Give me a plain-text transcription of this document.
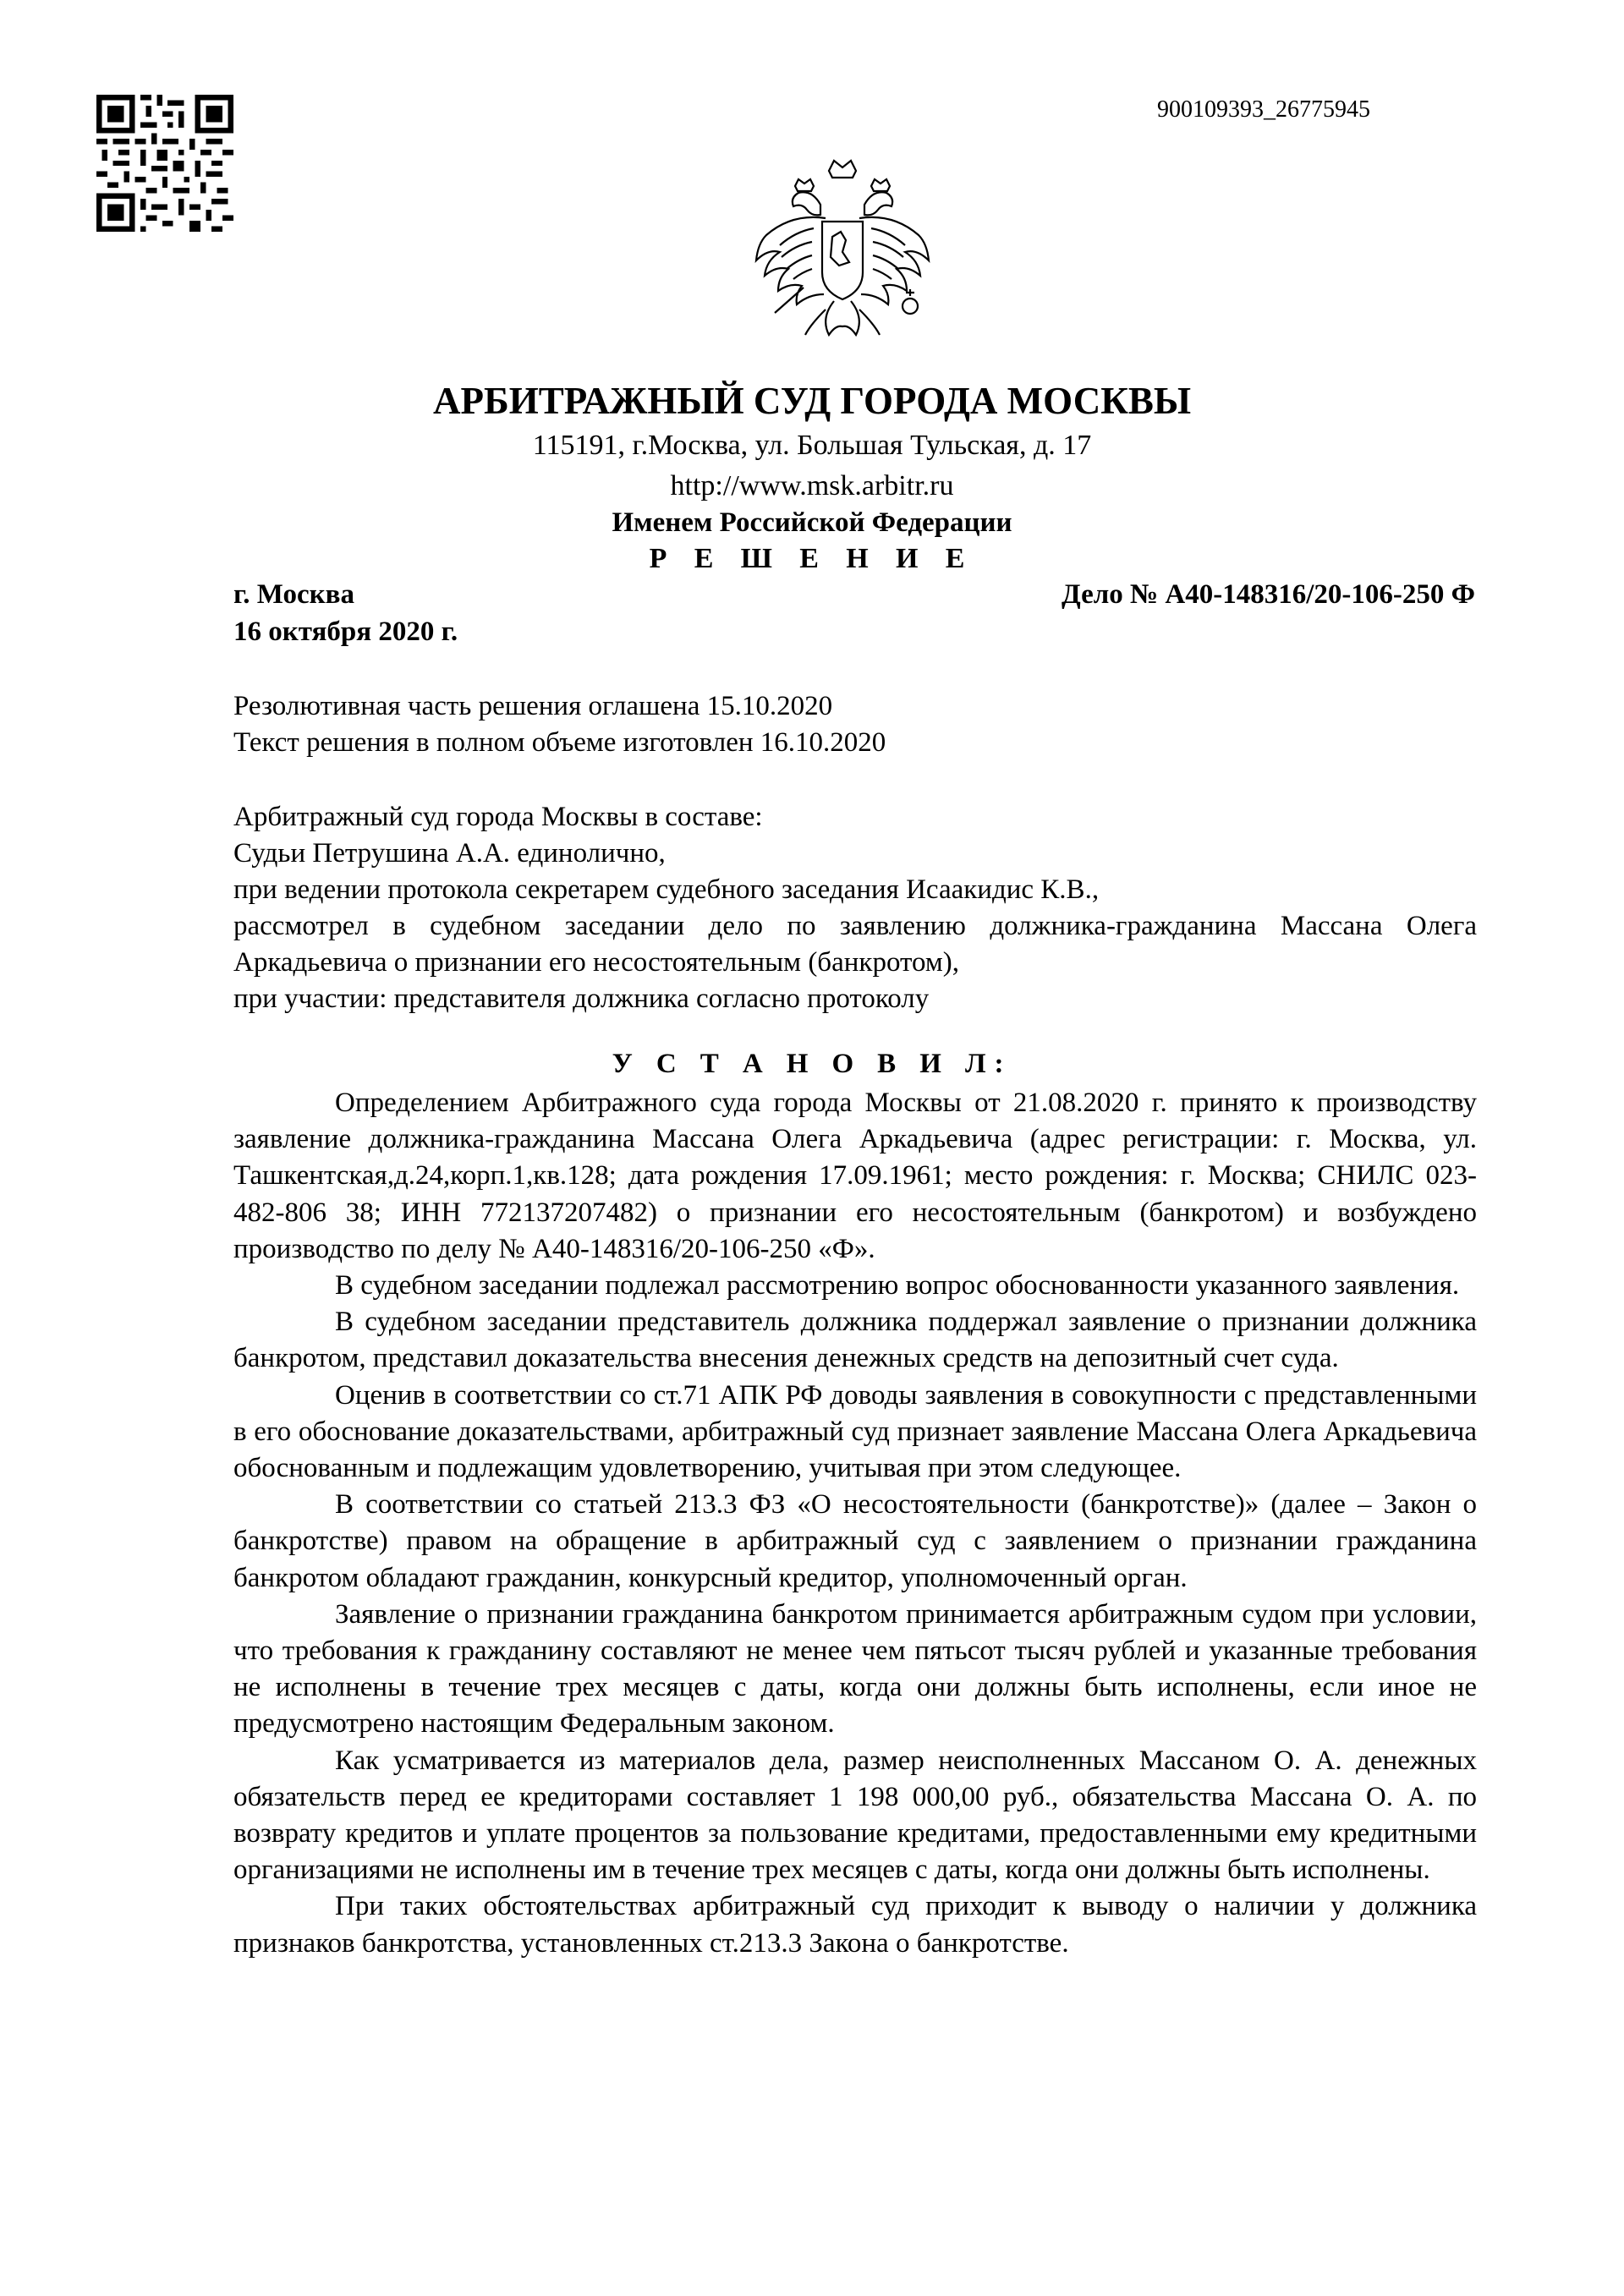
900109393_26775945
АРБИТРАЖНЫЙ СУД ГОРОДА МОСКВЫ
115191, г.Москва, ул. Большая Тульская, д. 17
http://www.msk.arbitr.ru
Именем Российской Федерации
Р Е Ш Е Н И Е
г. Москва
16 октября 2020 г.
Дело № А40-148316/20-106-250 Ф
Резолютивная часть решения оглашена 15.10.2020
Текст решения в полном объеме изготовлен 16.10.2020
Арбитражный суд города Москвы в составе:
Судьи Петрушина А.А. единолично,
при ведении протокола секретарем судебного заседания Исаакидис К.В.,
рассмотрел в судебном заседании дело по заявлению должника-гражданина Массана Олега
Аркадьевича о признании его несостоятельным (банкротом),
при участии: представителя должника согласно протоколу
У С Т А Н О В И Л:

Определением Арбитражного суда города Москвы от 21.08.2020 г. принято к производству заявление должника-гражданина Массана Олега Аркадьевича (адрес регистрации: г. Москва, ул. Ташкентская,д.24,корп.1,кв.128; дата рождения 17.09.1961; место рождения: г. Москва; СНИЛС 023-482-806 38; ИНН 772137207482) о признании его несостоятельным (банкротом) и возбуждено производство по делу № А40-148316/20-106-250 «Ф».

В судебном заседании подлежал рассмотрению вопрос обоснованности указанного заявления.

В судебном заседании представитель должника поддержал заявление о признании должника банкротом, представил доказательства внесения денежных средств на депозитный счет суда.

Оценив в соответствии со ст.71 АПК РФ доводы заявления в совокупности с представленными в его обоснование доказательствами, арбитражный суд признает заявление Массана Олега Аркадьевича обоснованным и подлежащим удовлетворению, учитывая при этом следующее.

В соответствии со статьей 213.3 ФЗ «О несостоятельности (банкротстве)» (далее – Закон о банкротстве) правом на обращение в арбитражный суд с заявлением о признании гражданина банкротом обладают гражданин, конкурсный кредитор, уполномоченный орган.

Заявление о признании гражданина банкротом принимается арбитражным судом при условии, что требования к гражданину составляют не менее чем пятьсот тысяч рублей и указанные требования не исполнены в течение трех месяцев с даты, когда они должны быть исполнены, если иное не предусмотрено настоящим Федеральным законом.

Как усматривается из материалов дела, размер неисполненных Массаном О. А. денежных обязательств перед ее кредиторами составляет 1 198 000,00 руб., обязательства Массана О. А. по возврату кредитов и уплате процентов за пользование кредитами, предоставленными ему кредитными организациями не исполнены им в течение трех месяцев с даты, когда они должны быть исполнены.

При таких обстоятельствах арбитражный суд приходит к выводу о наличии у должника признаков банкротства, установленных ст.213.3 Закона о банкротстве.
